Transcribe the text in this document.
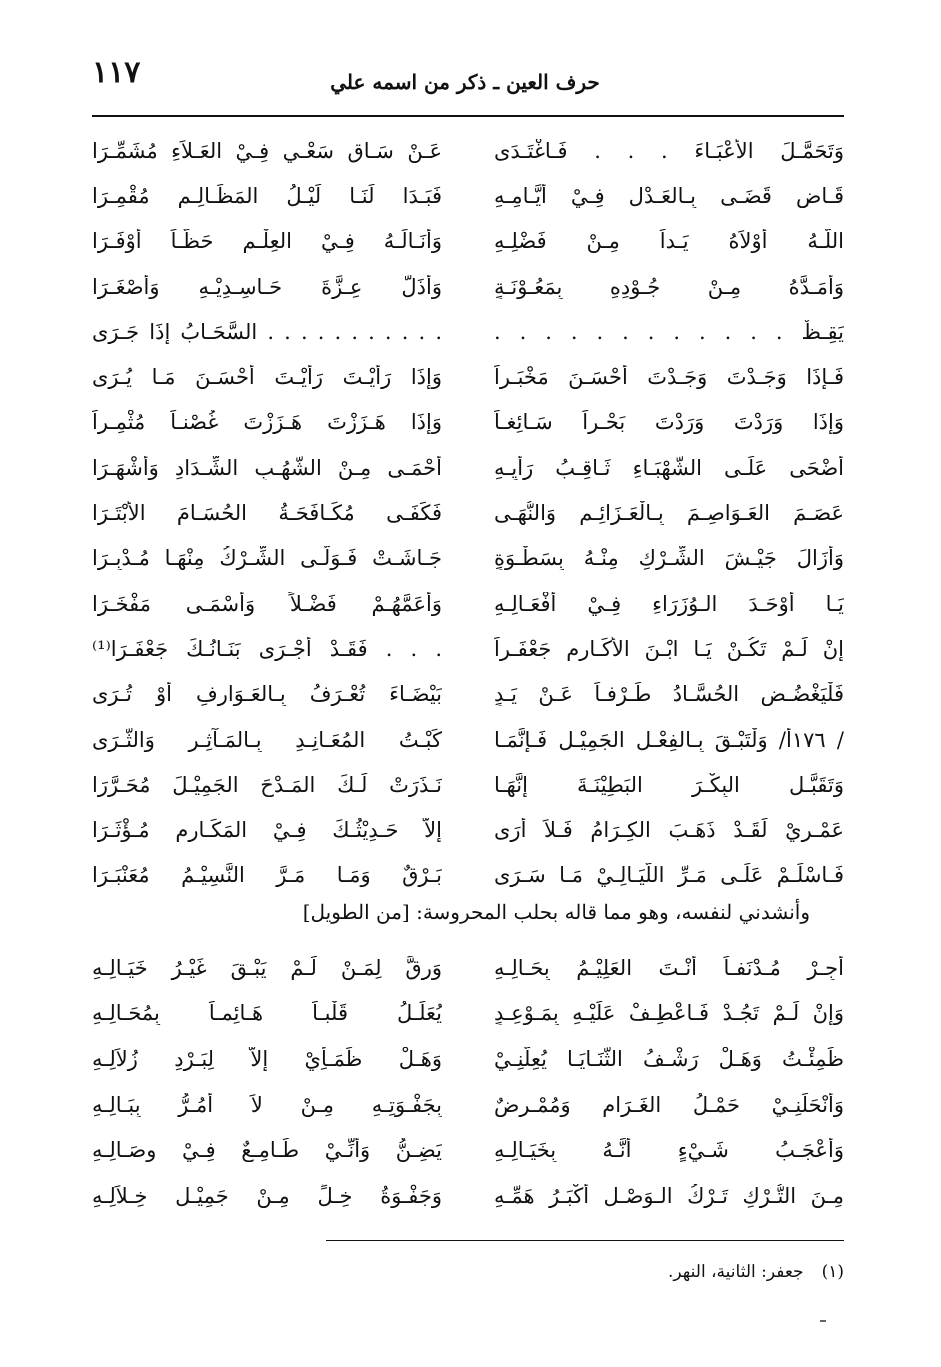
١١٧	حرف العين ـ ذكر من اسمه علي
وَتَحَمَّـلَ الأَعْبَـاءَ . . . فَـاغْتَـدَى
عَـنْ سَـاقِ سَعْـيٍ فِـيْ العَـلاَءِ مُشَمِّـرَا
قَـاضٍ قَضَـى بِـالعَـدْلِ فِـيْ أَيَّـامِـهِ
فَبَـدَا لَنَـا لَيْـلُ المَظَـالِـمِ مُقْمِـرَا
اللّـهُ أَوْلاَهُ يَـداً مِـنْ فَضْلِـهِ
وَأَنَـالَـهُ فِـيْ العِلْـمِ حَظَّـاً أَوْفَـرَا
وَأَمَـدَّهُ مِـنْ جُـوْدِهِ بِمَعُـوْنَـةٍ
وَأَذَلَّ عِـزَّةَ حَـاسِـدِيْـهِ وَأَصْغَـرَا
يَقِـظٌ . . . . . . . . . . . .
. . . . . . . . . . . السَّحَـابُ إِذَا جَـرَى
فَـإِذَا وَجَـدْتَ وَجَـدْتَ أَحْسَـنَ مَخْبَـراً
وَإِذَا رَأَيْـتَ رَأَيْـتَ أَحْسَـنَ مَـا يُـرَى
وَإِذَا وَرَدْتَ وَرَدْتَ بَحْـراً سَـائِغـاً
وَإِذَا هَـزَزْتَ هَـزَزْتَ غُصْنـاً مُثْمِـراً
أَضْحَى عَلَـى الشَّهْبَـاءِ ثَـاقِـبُ رَأْيِـهِ
أَحْمَـى مِـنْ الشُّهُـبِ الشِّـدَادِ وَأَشْهَـرَا
عَصَـمَ العَـوَاصِـمَ بِـالْعَـزَائِـمِ وَالنُّهَـى
فَكَفَـى مُكَـافَحَـةُ الحُسَـامَ الأَبْتَـرَا
وَأَزَالَ جَيْـشَ الشِّـرْكِ مِنْـهُ بِسَطْـوَةٍ
جَـاشَـتْ فَـوَلَّـى الشِّـرْكُ مِنْهَـا مُـدْبِـرَا
يَـا أَوْحَـدَ الـوُزَرَاءِ فِـيْ أَفْعَـالِـهِ
وَأَعَمَّهُـمْ فَضْـلاً وَأَسْمَـى مَفْخَـرَا
إِنْ لَـمْ تَكُـنْ يَـا ابْـنَ الأَكَـارِمِ جَعْفَـراً
. . . فَقَـدْ أَجْـرَى بَنَـانُـكَ جَعْفَـرَا⁽¹⁾
فَلْيَغْضُـضِ الحُسَّـادُ طَـرْفـاً عَـنْ يَـدٍ
بَيْضَـاءَ تُعْـرَفُ بِـالعَـوَارِفِ أَوْ تُـرَى
/ ١٧٦أ/ وَلْتَبْـقَ بِـالفِعْـلِ الجَمِيْـلِ فَـإِنَّمَـا
كَبْـتُ المُعَـانِـدِ بِـالمَـآثِـرِ وَالثَّـرَى
وَتَقَبَّـلِ البِكْـرَ البَطِيْنَـةَ إِنَّهَـا
نَـذَرَتْ لَـكَ المَـدْحَ الجَمِيْـلَ مُحَـرَّرَا
عَمْـرِيْ لَقَـدْ ذَهَـبَ الكِـرَامُ فَـلاَ أَرَى
إِلاَّ حَـدِيْثُـكَ فِـيْ المَكَـارِمِ مُـؤْثَـرَا
فَـاسْلَـمْ عَلَـى مَـرِّ اللَّيَـالِـيْ مَـا سَـرَى
بَـرْقٌ وَمَـا مَـرَّ النَّسِيْـمُ مُعَنْبَـرَا
وأنشدني لنفسه، وهو مما قاله بحلب المحروسة: [من الطويل]
أُجِـرْ مُـدْنَفـاً أَنْـتَ العَلِيْـمُ بِحَـالِـهِ
وَرِقَّ لِمَـنْ لَـمْ يَبْـقَ غَيْـرُ خَيَـالِـهِ
وَإِنْ لَـمْ تَجُـدْ فَـاعْطِـفْ عَلَيْـهِ بِمَـوْعِـدٍ
يُعَلِّـلُ قَلْبـاً هَـائِمـاً بِمُحَـالِـهِ
ظَمِئْـتُ وَهَـلْ رَشْـفُ الثَّنَـايَـا يُعِلُّنِـيْ
وَهَـلْ ظَمَـأِيْ إِلاَّ لِبَـرْدِ زُلاَلِـهِ
وَأَنْحَلَنِـيْ حَمْـلُ الغَـرَامِ وَمُمْـرِضٌ
بِجَفْـوَتِـهِ مِـنْ لاَ أُمُـرُّ بِبَـالِـهِ
وَأَعْجَـبُ شَـيْءٍ أَنَّـهُ بِخَيَـالِـهِ
يَضِـنُّ وَأَنِّـيْ طَـامِـعٌ فِـيْ وِصَـالِـهِ
مِـنَ التُّـرْكِ تَـرْكُ الـوَصْـلِ أَكْبَـرُ هَمِّـهِ
وَجَفْـوَةُ خِـلٍّ مِـنْ جَمِيْـلِ خِـلاَلِـهِ
(١)جعفر: الثانية، النهر.
